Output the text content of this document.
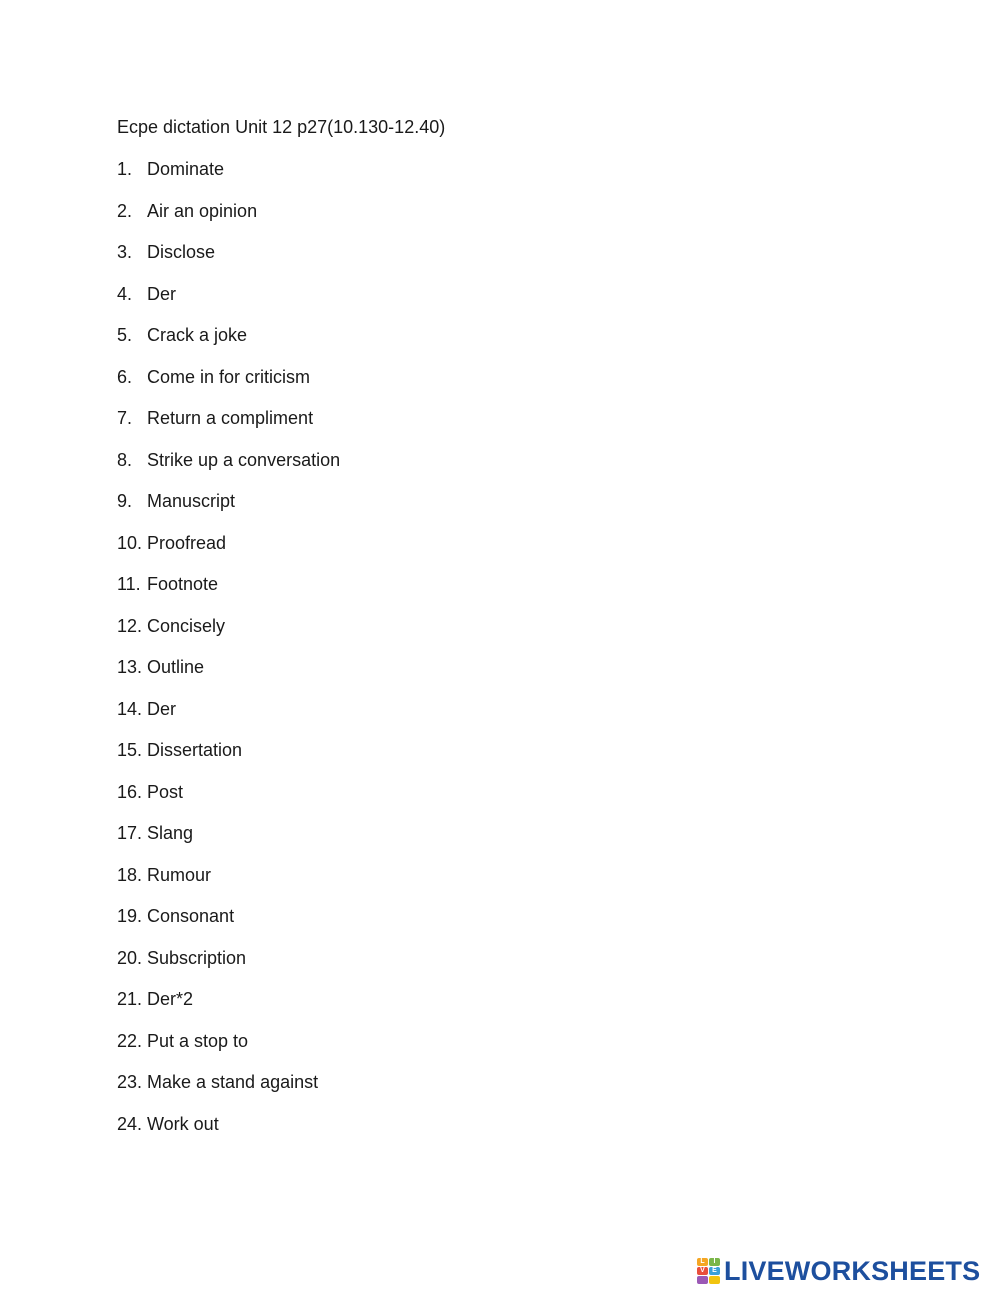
Ecpe dictation Unit 12 p27(10.130-12.40)
1. Dominate
2. Air an opinion
3. Disclose
4. Der
5. Crack a joke
6. Come in for criticism
7. Return a compliment
8. Strike up a conversation
9. Manuscript
10. Proofread
11. Footnote
12. Concisely
13. Outline
14. Der
15. Dissertation
16. Post
17. Slang
18. Rumour
19. Consonant
20. Subscription
21. Der*2
22. Put a stop to
23. Make a stand against
24. Work out
L	I
V	E LIVEWORKSHEETS
